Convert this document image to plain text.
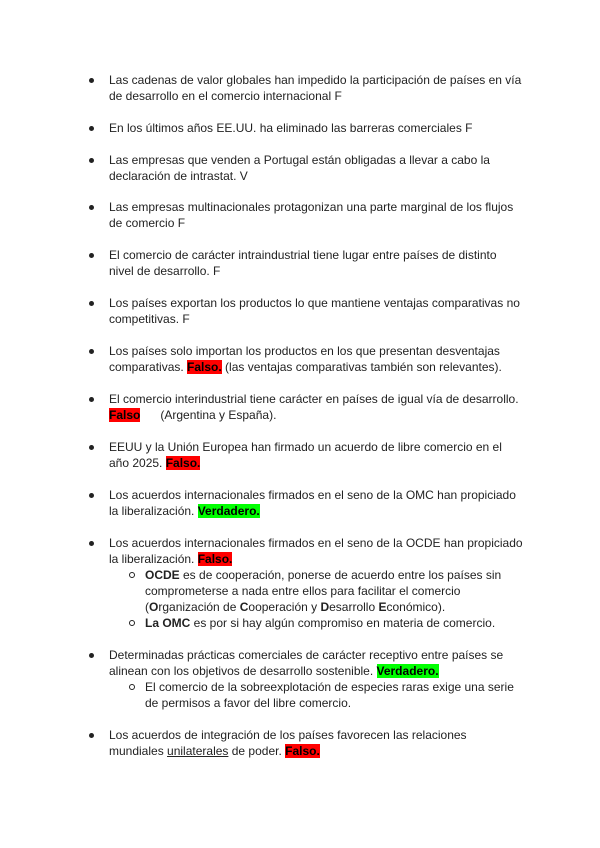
Las cadenas de valor globales han impedido la participación de países en vía
de desarrollo en el comercio internacional F
En los últimos años EE.UU. ha eliminado las barreras comerciales F
Las empresas que venden a Portugal están obligadas a llevar a cabo la
declaración de intrastat. V
Las empresas multinacionales protagonizan una parte marginal de los flujos
de comercio F
El comercio de carácter intraindustrial tiene lugar entre países de distinto
nivel de desarrollo. F
Los países exportan los productos lo que mantiene ventajas comparativas no
competitivas. F
Los países solo importan los productos en los que presentan desventajas
comparativas. Falso. (las ventajas comparativas también son relevantes).
El comercio interindustrial tiene carácter en países de igual vía de desarrollo.
Falso (Argentina y España).
EEUU y la Unión Europea han firmado un acuerdo de libre comercio en el
año 2025. Falso.
Los acuerdos internacionales firmados en el seno de la OMC han propiciado
la liberalización. Verdadero.
Los acuerdos internacionales firmados en el seno de la OCDE han propiciado
la liberalización. Falso.
OCDE es de cooperación, ponerse de acuerdo entre los países sin
comprometerse a nada entre ellos para facilitar el comercio
(Organización de Cooperación y Desarrollo Económico).
La OMC es por si hay algún compromiso en materia de comercio.
Determinadas prácticas comerciales de carácter receptivo entre países se
alinean con los objetivos de desarrollo sostenible. Verdadero.
El comercio de la sobreexplotación de especies raras exige una serie
de permisos a favor del libre comercio.
Los acuerdos de integración de los países favorecen las relaciones
mundiales unilaterales de poder. Falso.
